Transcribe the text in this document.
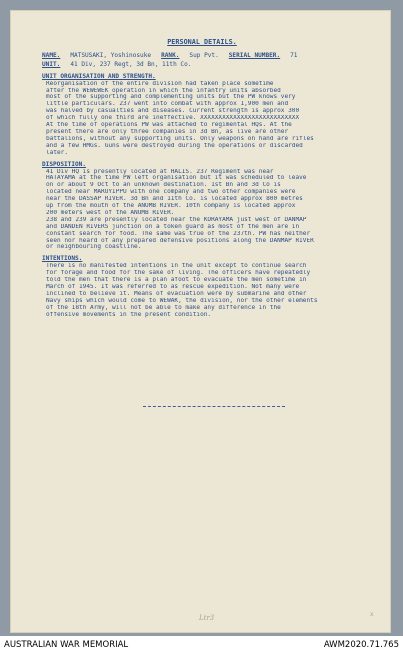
PERSONAL DETAILS.
NAME. MATSUSAKI, Yoshinosuke RANK. Sup Pvt. SERIAL NUMBER. 71
UNIT. 41 Div, 237 Regt, 3d Bn, 11th Co.
UNIT ORGANISATION AND STRENGTH.
Reorganisation of the entire division had taken place sometime
after the WEWEWEK operation in which the infantry units absorbed
most of the supporting and complementing units but the PW knows very
little particulars. 237 went into combat with approx 1,900 men and
was halved by casualties and diseases. Current strength is approx 300
of which fully one third are ineffective. XXXXXXXXXXXXXXXXXXXXXXXXXXX
At the time of operations PW was attached to regimental HQs. At the
present there are only three companies in 3d Bn, as live are other
battalions, without any supporting units. Only weapons on hand are rifles
and a few HMGs. Guns were destroyed during the operations or discarded
later.
DISPOSITION.
41 Div HQ is presently located at HALIS. 237 Regiment was near
HATAYAMA at the time PW left organisation but it was scheduled to leave
on or about 9 Oct to an unknown destination. 1st Bn and 3d Co is
located near MARUYIPPU with one company and two other companies were
near the DASSAP RIVER. 3d Bn and 11th Co. is located approx 800 metres
up from the mouth of the ANUMB RIVER. 10th company is located approx
200 meters west of the ANUMB RIVER.
238 and 239 are presently located near the KORAYAMA just west of DANMAP
and DANDEN RIVERS junction on a token guard as most of the men are in
constant search for food. The same was true of the 237th. PW has neither
seen nor heard of any prepared defensive positions along the DANMAP RIVER
or neighbouring coastline.
INTENTIONS.
There is no manifested intentions in the unit except to continue search
for forage and food for the sake of living. The officers have repeatedly
told the men that there is a plan afoot to evacuate the men sometime in
March of 1945. It was referred to as rescue expedition. Not many were
inclined to believe it. Means of evacuation were by submarine and other
Navy ships which would come to WEWAK, the division, nor the other elements
of the 18th Army, will not be able to make any difference in the
offensive movements in the present condition.
Ltr3	x
AUSTRALIAN WAR MEMORIAL	AWM2020.71.765
